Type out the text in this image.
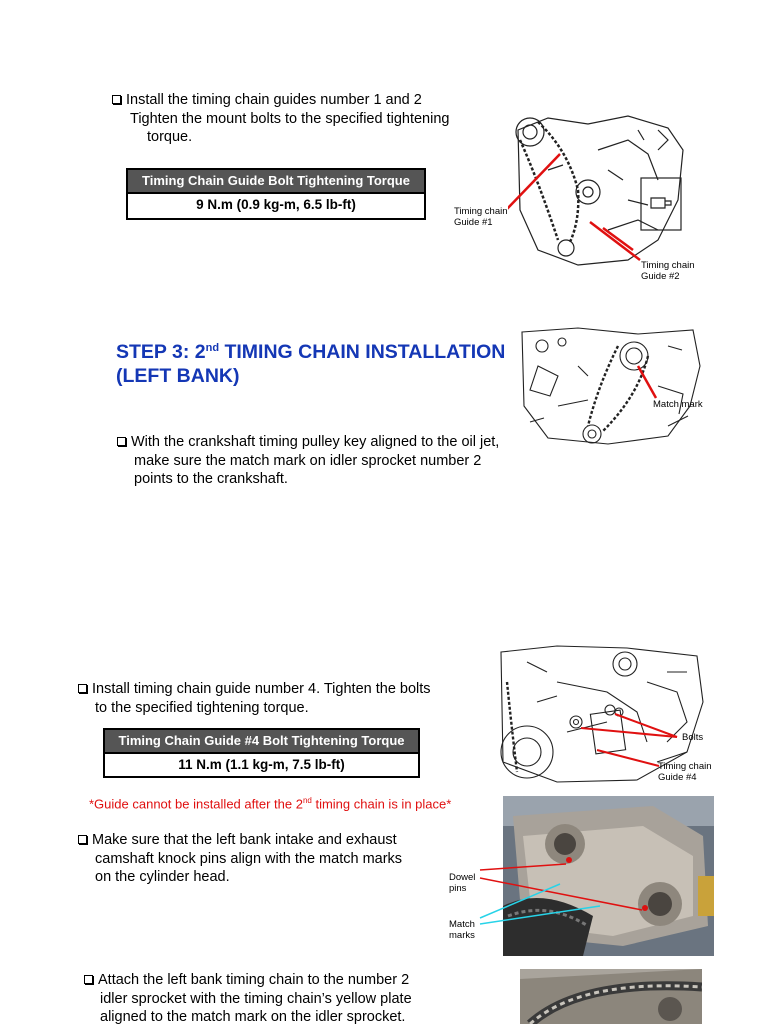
Install the timing chain guides number 1 and 2
Tighten the mount bolts to the specified tightening
torque.
Timing Chain Guide Bolt Tightening Torque
9 N.m (0.9 kg-m, 6.5 lb-ft)	Timing chain
Guide #1
Timing chain
Guide #2
STEP 3: 2nd TIMING CHAIN INSTALLATION
(LEFT BANK)
Match mark
With the crankshaft timing pulley key aligned to the oil jet,
make sure the match mark on idler sprocket number 2
points to the crankshaft.
Install timing chain guide number 4. Tighten the bolts
to the specified tightening torque.
Timing Chain Guide #4 Bolt Tightening Torque
11 N.m (1.1 kg-m, 7.5 lb-ft)
*Guide cannot be installed after the 2nd timing chain is in place*
Bolts
Timing chain
Guide #4
Make sure that the left bank intake and exhaust
camshaft knock pins align with the match marks
on the cylinder head.	Dowel
pins
Match
marks
Attach the left bank timing chain to the number 2
idler sprocket with the timing chain’s yellow plate
aligned to the match mark on the idler sprocket.
